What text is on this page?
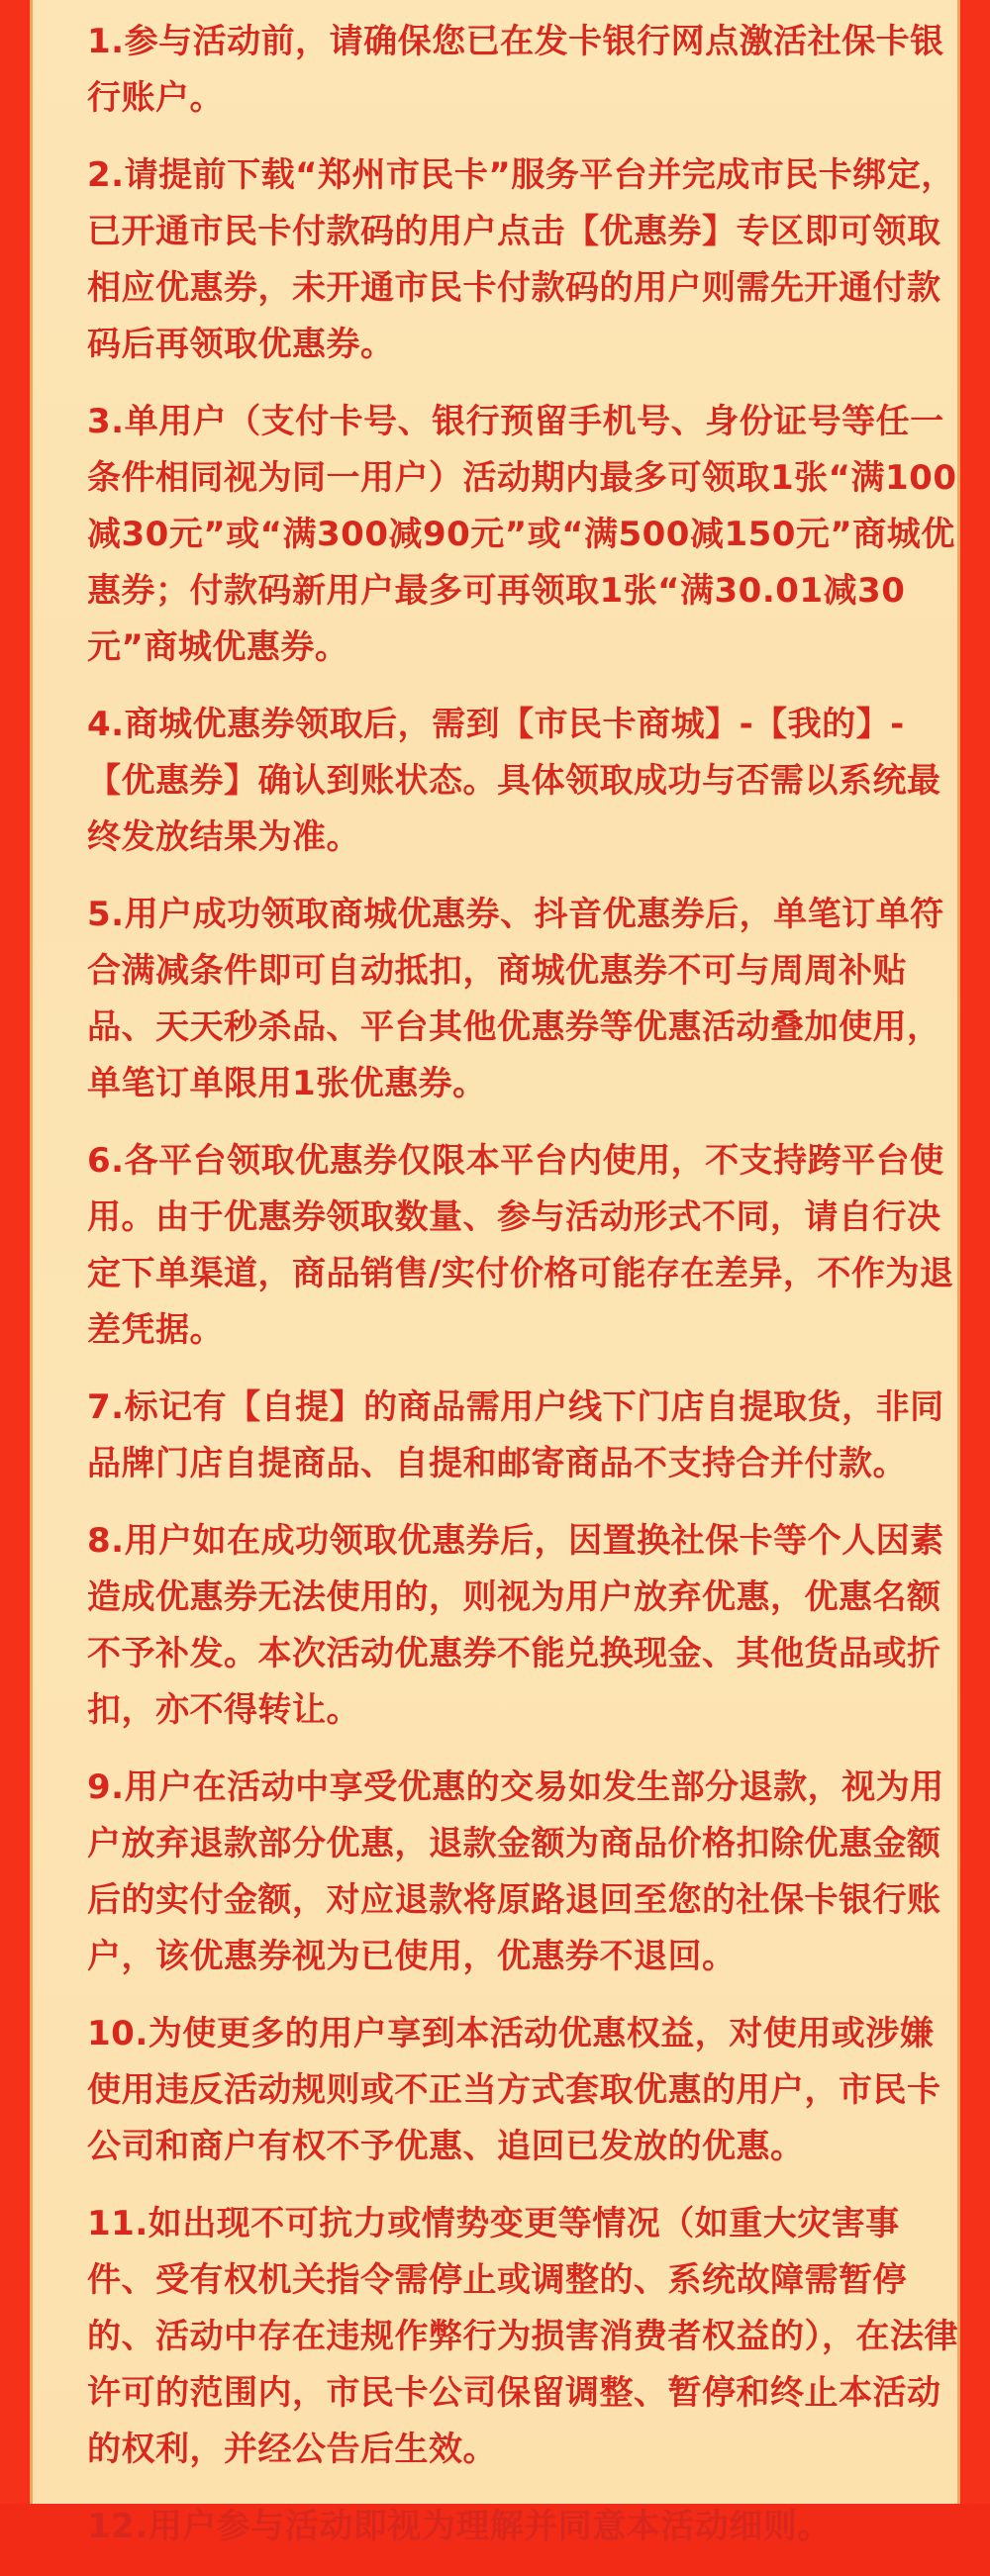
1.参与活动前，请确保您已在发卡银行网点激活社保卡银行账户。

2.请提前下载“郑州市民卡”服务平台并完成市民卡绑定，已开通市民卡付款码的用户点击【优惠券】专区即可领取相应优惠券，未开通市民卡付款码的用户则需先开通付款码后再领取优惠券。

3.单用户（支付卡号、银行预留手机号、身份证号等任一条件相同视为同一用户）活动期内最多可领取1张“满100减30元”或“满300减90元”或“满500减150元”商城优惠券；付款码新用户最多可再领取1张“满30.01减30元”商城优惠券。

4.商城优惠券领取后，需到【市民卡商城】-【我的】-【优惠券】确认到账状态。具体领取成功与否需以系统最终发放结果为准。

5.用户成功领取商城优惠券、抖音优惠券后，单笔订单符合满减条件即可自动抵扣，商城优惠券不可与周周补贴品、天天秒杀品、平台其他优惠券等优惠活动叠加使用，单笔订单限用1张优惠券。

6.各平台领取优惠券仅限本平台内使用，不支持跨平台使用。由于优惠券领取数量、参与活动形式不同，请自行决定下单渠道，商品销售/实付价格可能存在差异，不作为退差凭据。

7.标记有【自提】的商品需用户线下门店自提取货，非同品牌门店自提商品、自提和邮寄商品不支持合并付款。

8.用户如在成功领取优惠券后，因置换社保卡等个人因素造成优惠券无法使用的，则视为用户放弃优惠，优惠名额不予补发。本次活动优惠券不能兑换现金、其他货品或折扣，亦不得转让。

9.用户在活动中享受优惠的交易如发生部分退款，视为用户放弃退款部分优惠，退款金额为商品价格扣除优惠金额后的实付金额，对应退款将原路退回至您的社保卡银行账户，该优惠券视为已使用，优惠券不退回。

10.为使更多的用户享到本活动优惠权益，对使用或涉嫌使用违反活动规则或不正当方式套取优惠的用户，市民卡公司和商户有权不予优惠、追回已发放的优惠。

11.如出现不可抗力或情势变更等情况（如重大灾害事件、受有权机关指令需停止或调整的、系统故障需暂停的、活动中存在违规作弊行为损害消费者权益的），在法律许可的范围内，市民卡公司保留调整、暂停和终止本活动的权利，并经公告后生效。

12.用户参与活动即视为理解并同意本活动细则。
